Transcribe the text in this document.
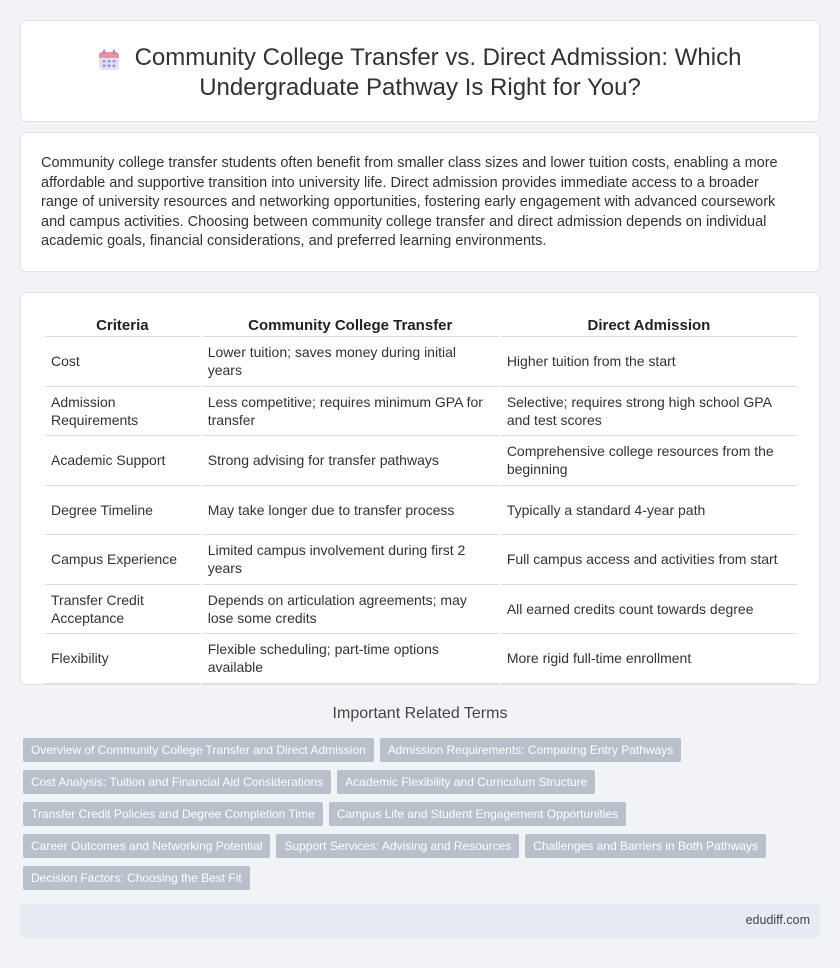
Community College Transfer vs. Direct Admission: Which
Undergraduate Pathway Is Right for You?

Community college transfer students often benefit from smaller class sizes and lower tuition costs, enabling a more affordable and supportive transition into university life. Direct admission provides immediate access to a broader range of university resources and networking opportunities, fostering early engagement with advanced coursework and campus activities. Choosing between community college transfer and direct admission depends on individual academic goals, financial considerations, and preferred learning environments.

Criteria	Community College Transfer	Direct Admission
Cost	Lower tuition; saves money during initial years	Higher tuition from the start
Admission Requirements	Less competitive; requires minimum GPA for transfer	Selective; requires strong high school GPA and test scores
Academic Support	Strong advising for transfer pathways	Comprehensive college resources from the beginning
Degree Timeline	May take longer due to transfer process	Typically a standard 4-year path
Campus Experience	Limited campus involvement during first 2 years	Full campus access and activities from start
Transfer Credit Acceptance	Depends on articulation agreements; may lose some credits	All earned credits count towards degree
Flexibility	Flexible scheduling; part-time options available	More rigid full-time enrollment
Important Related Terms
Overview of Community College Transfer and Direct Admission	Admission Requirements: Comparing Entry Pathways
Cost Analysis: Tuition and Financial Aid Considerations	Academic Flexibility and Curriculum Structure
Transfer Credit Policies and Degree Completion Time	Campus Life and Student Engagement Opportunities
Career Outcomes and Networking Potential	Support Services: Advising and Resources	Challenges and Barriers in Both Pathways
Decision Factors: Choosing the Best Fit
edudiff.com
